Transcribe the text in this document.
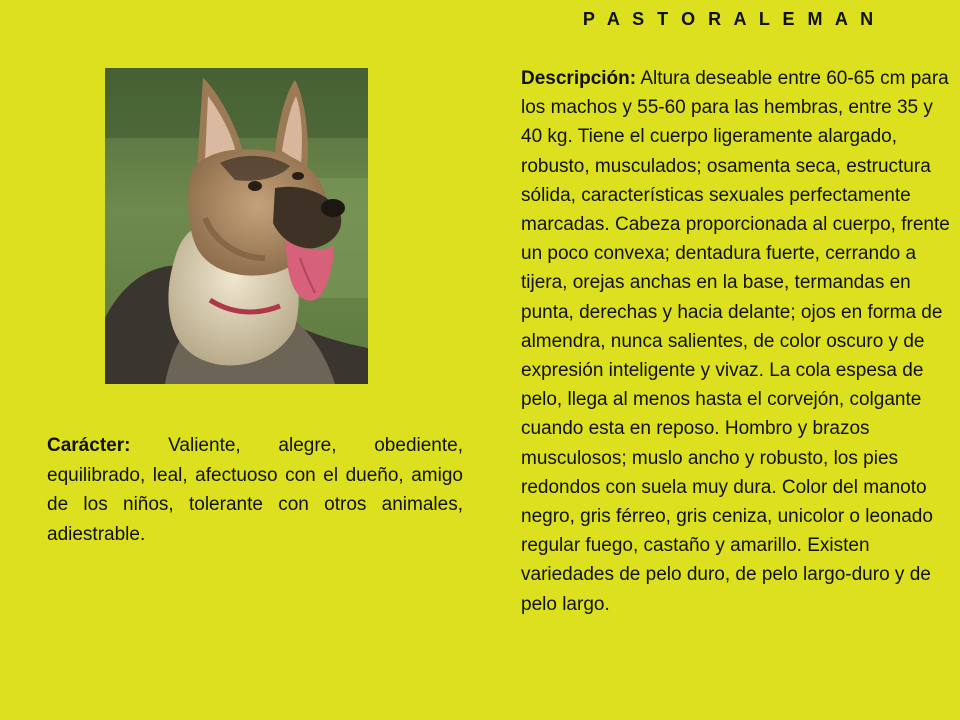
P A S T O R A L E M A N
Descripción: Altura deseable entre 60-65 cm para los machos y 55-60 para las hembras, entre 35 y 40 kg. Tiene el cuerpo ligeramente alargado, robusto, musculados; osamenta seca, estructura sólida, características sexuales perfectamente marcadas. Cabeza proporcionada al cuerpo, frente un poco convexa; dentadura fuerte, cerrando a tijera, orejas anchas en la base, termandas en punta, derechas y hacia delante; ojos en forma de almendra, nunca salientes, de color oscuro y de expresión inteligente y vivaz. La cola espesa de pelo, llega al menos hasta el corvejón, colgante cuando esta en reposo. Hombro y brazos musculosos; muslo ancho y robusto, los pies redondos con suela muy dura. Color del manoto negro, gris férreo, gris ceniza, unicolor o leonado regular fuego, castaño y amarillo. Existen variedades de pelo duro, de pelo largo-duro y de pelo largo.
Carácter: Valiente, alegre, obediente, equilibrado, leal, afectuoso con el dueño, amigo de los niños, tolerante con otros animales, adiestrable.
